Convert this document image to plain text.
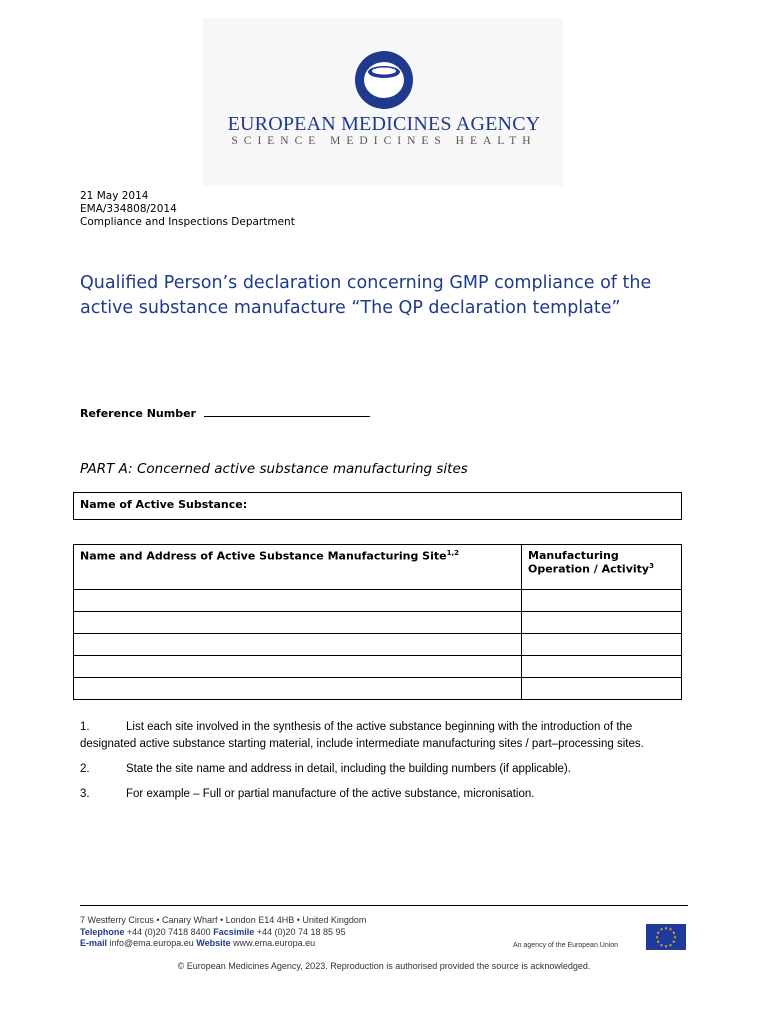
EUROPEAN MEDICINES AGENCY
SCIENCE MEDICINES HEALTH
21 May 2014
EMA/334808/2014
Compliance and Inspections Department
Qualified Person’s declaration concerning GMP compliance of the active substance manufacture “The QP declaration template”
Reference Number
PART A: Concerned active substance manufacturing sites
Name of Active Substance:
Name and Address of Active Substance Manufacturing Site$^{1,2}$	Manufacturing
Operation / Activity$^3$

1.	List each site involved in the synthesis of the active substance beginning with the introduction of the designated active substance starting material, include intermediate manufacturing sites / part–processing sites.
2.	State the site name and address in detail, including the building numbers (if applicable).
3.	For example – Full or partial manufacture of the active substance, micronisation.
7 Westferry Circus • Canary Wharf • London E14 4HB • United Kingdom
Telephone +44 (0)20 7418 8400 Facsimile +44 (0)20 74 18 85 95
E-mail info@ema.europa.eu Website www.ema.europa.eu	An agency of the European Union
★ ★
★
★
★
★
★
★
★
★
★
★
© European Medicines Agency, 2023. Reproduction is authorised provided the source is acknowledged.
